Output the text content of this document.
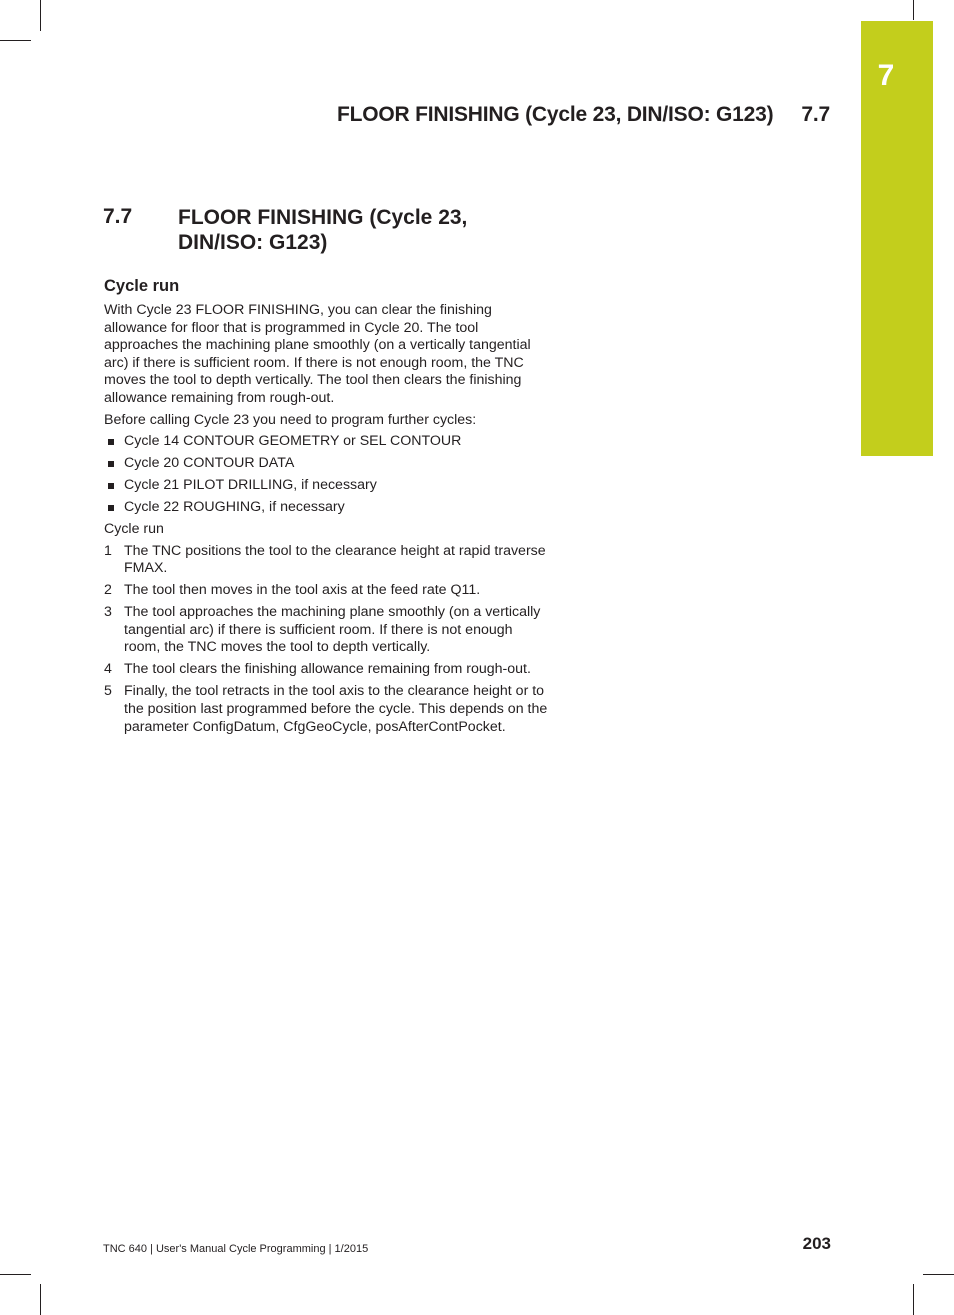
7
FLOOR FINISHING (Cycle 23, DIN/ISO: G123) 7.7
7.7 FLOOR FINISHING (Cycle 23,
DIN/ISO: G123)
Cycle run

With Cycle 23 FLOOR FINISHING, you can clear the finishing allowance for floor that is programmed in Cycle 20. The tool approaches the machining plane smoothly (on a vertically tangential arc) if there is sufficient room. If there is not enough room, the TNC moves the tool to depth vertically. The tool then clears the finishing allowance remaining from rough-out.

Before calling Cycle 23 you need to program further cycles:

Cycle 14 CONTOUR GEOMETRY or SEL CONTOUR
Cycle 20 CONTOUR DATA
Cycle 21 PILOT DRILLING, if necessary
Cycle 22 ROUGHING, if necessary

Cycle run

1 The TNC positions the tool to the clearance height at rapid traverse FMAX.
2 The tool then moves in the tool axis at the feed rate Q11.
3 The tool approaches the machining plane smoothly (on a vertically tangential arc) if there is sufficient room. If there is not enough room, the TNC moves the tool to depth vertically.
4 The tool clears the finishing allowance remaining from rough-out.
5 Finally, the tool retracts in the tool axis to the clearance height or to the position last programmed before the cycle. This depends on the parameter ConfigDatum, CfgGeoCycle, posAfterContPocket.
TNC 640 | User's Manual Cycle Programming | 1/2015	203
